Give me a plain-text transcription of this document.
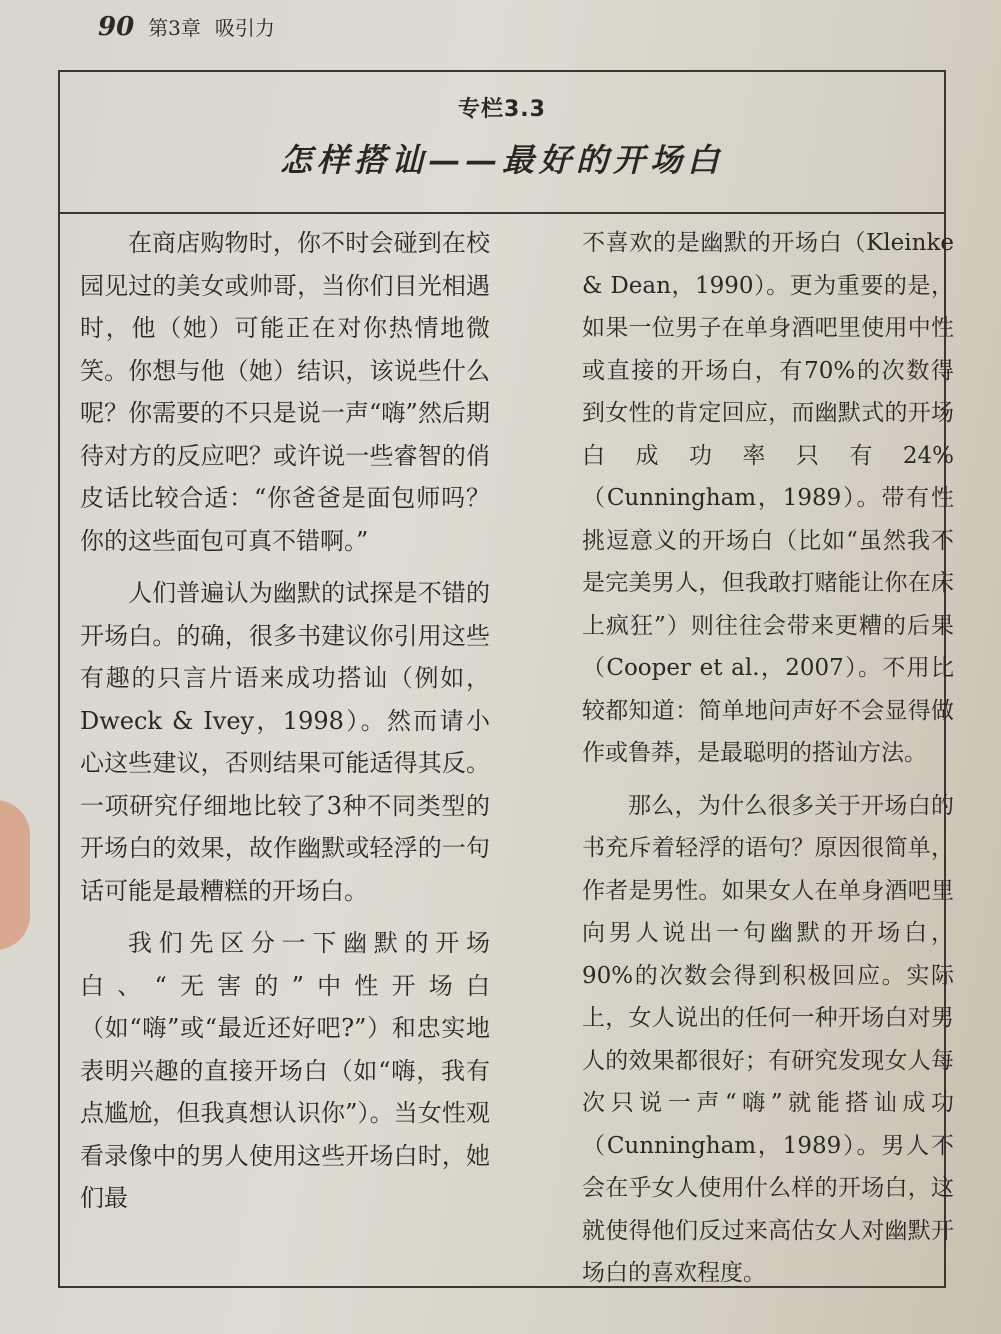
90 第3章 吸引力
专栏3.3
怎样搭讪——最好的开场白

在商店购物时，你不时会碰到在校园见过的美女或帅哥，当你们目光相遇时，他（她）可能正在对你热情地微笑。你想与他（她）结识，该说些什么呢？你需要的不只是说一声“嗨”然后期待对方的反应吧？或许说一些睿智的俏皮话比较合适：“你爸爸是面包师吗？你的这些面包可真不错啊。”

人们普遍认为幽默的试探是不错的开场白。的确，很多书建议你引用这些有趣的只言片语来成功搭讪（例如，Dweck & Ivey，1998）。然而请小心这些建议，否则结果可能适得其反。一项研究仔细地比较了3种不同类型的开场白的效果，故作幽默或轻浮的一句话可能是最糟糕的开场白。

我们先区分一下幽默的开场白、“无害的”中性开场白（如“嗨”或“最近还好吧?”）和忠实地表明兴趣的直接开场白（如“嗨，我有点尴尬，但我真想认识你”）。当女性观看录像中的男人使用这些开场白时，她们最

不喜欢的是幽默的开场白（Kleinke & Dean，1990）。更为重要的是，如果一位男子在单身酒吧里使用中性或直接的开场白，有70%的次数得到女性的肯定回应，而幽默式的开场白成功率只有24%（Cunningham，1989）。带有性挑逗意义的开场白（比如“虽然我不是完美男人，但我敢打赌能让你在床上疯狂”）则往往会带来更糟的后果（Cooper et al.，2007）。不用比较都知道：简单地问声好不会显得做作或鲁莽，是最聪明的搭讪方法。

那么，为什么很多关于开场白的书充斥着轻浮的语句？原因很简单，作者是男性。如果女人在单身酒吧里向男人说出一句幽默的开场白，90%的次数会得到积极回应。实际上，女人说出的任何一种开场白对男人的效果都很好；有研究发现女人每次只说一声“嗨”就能搭讪成功（Cunningham，1989）。男人不会在乎女人使用什么样的开场白，这就使得他们反过来高估女人对幽默开场白的喜欢程度。
